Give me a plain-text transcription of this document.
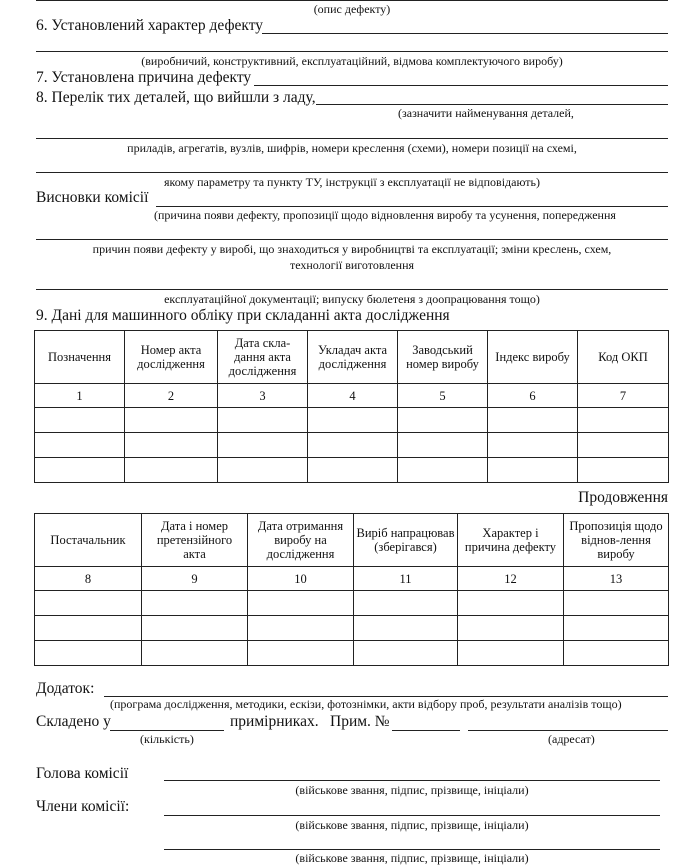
(опис дефекту)
6. Установлений характер дефекту
(виробничий, конструктивний, експлуатаційний, відмова комплектуючого виробу)
7. Установлена причина дефекту
8. Перелік тих деталей, що вийшли з ладу,
(зазначити найменування деталей,
приладів, агрегатів, вузлів, шифрів, номери креслення (схеми), номери позиції на схемі,
якому параметру та пункту ТУ, інструкції з експлуатації не відповідають)
Висновки комісії
(причина появи дефекту, пропозиції щодо відновлення виробу та усунення, попередження
причин появи дефекту у виробі, що знаходиться у виробництві та експлуатації; зміни креслень, схем,
технології виготовлення
експлуатаційної документації; випуску бюлетеня з доопрацювання тощо)
9. Дані для машинного обліку при складанні акта дослідження
Позначення	Номер акта дослідження	Дата скла-дання акта дослідження	Укладач акта дослідження	Заводський номер виробу	Індекс виробу	Код ОКП
1	2	3	4	5	6	7

Продовження
Постачальник	Дата і номер претензійного акта	Дата отримання виробу на дослідження	Виріб напрацював (зберігався)	Характер і причина дефекту	Пропозиція щодо віднов-лення виробу
8	9	10	11	12	13

Додаток:
(програма дослідження, методики, ескізи, фотознімки, акти відбору проб, результати аналізів тощо)
Складено у	примірниках. Прим. №
(кількість)	(адресат)
Голова комісії
(військове звання, підпис, прізвище, ініціали)
Члени комісії:
(військове звання, підпис, прізвище, ініціали)
(військове звання, підпис, прізвище, ініціали)
